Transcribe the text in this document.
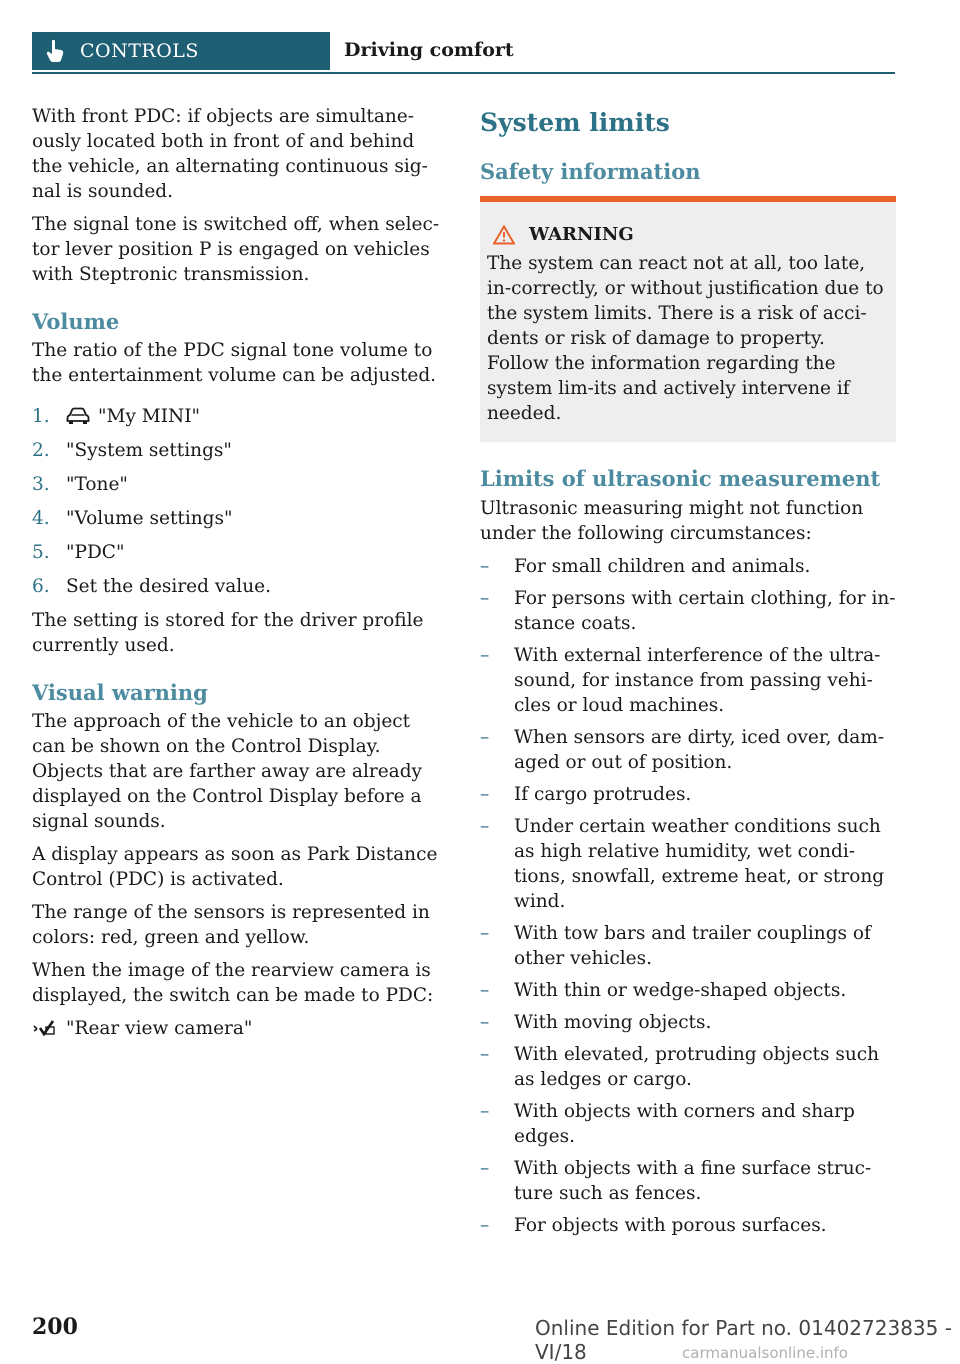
CONTROLS	Driving comfort

With front PDC: if objects are simultane-ously located both in front of and behind the vehicle, an alternating continuous sig-nal is sounded.

The signal tone is switched off, when selec-tor lever position P is engaged on vehicles with Steptronic transmission.

Volume

The ratio of the PDC signal tone volume to the entertainment volume can be adjusted.

1.	"My MINI"
2. "System settings"
3. "Tone"
4. "Volume settings"
5. "PDC"
6. Set the desired value.

The setting is stored for the driver profile currently used.

Visual warning

The approach of the vehicle to an object can be shown on the Control Display. Objects that are farther away are already displayed on the Control Display before a signal sounds.

A display appears as soon as Park Distance Control (PDC) is activated.

The range of the sensors is represented in colors: red, green and yellow.

When the image of the rearview camera is displayed, the switch can be made to PDC:

"Rear view camera"

System limits
Safety information
WARNING

The system can react not at all, too late, in-correctly, or without justification due to the system limits. There is a risk of acci-dents or risk of damage to property. Follow the information regarding the system lim-its and actively intervene if needed.

Limits of ultrasonic measurement

Ultrasonic measuring might not function under the following circumstances:

– For small children and animals.
– For persons with certain clothing, for in-stance coats.
– With external interference of the ultra-sound, for instance from passing vehi-cles or loud machines.
– When sensors are dirty, iced over, dam-aged or out of position.
– If cargo protrudes.
– Under certain weather conditions such as high relative humidity, wet condi-tions, snowfall, extreme heat, or strong wind.
– With tow bars and trailer couplings of other vehicles.
– With thin or wedge-shaped objects.
– With moving objects.
– With elevated, protruding objects such as ledges or cargo.
– With objects with corners and sharp edges.
– With objects with a fine surface struc-ture such as fences.
– For objects with porous surfaces.
200	Online Edition for Part no. 01402723835 - VI/18	carmanualsonline.info
